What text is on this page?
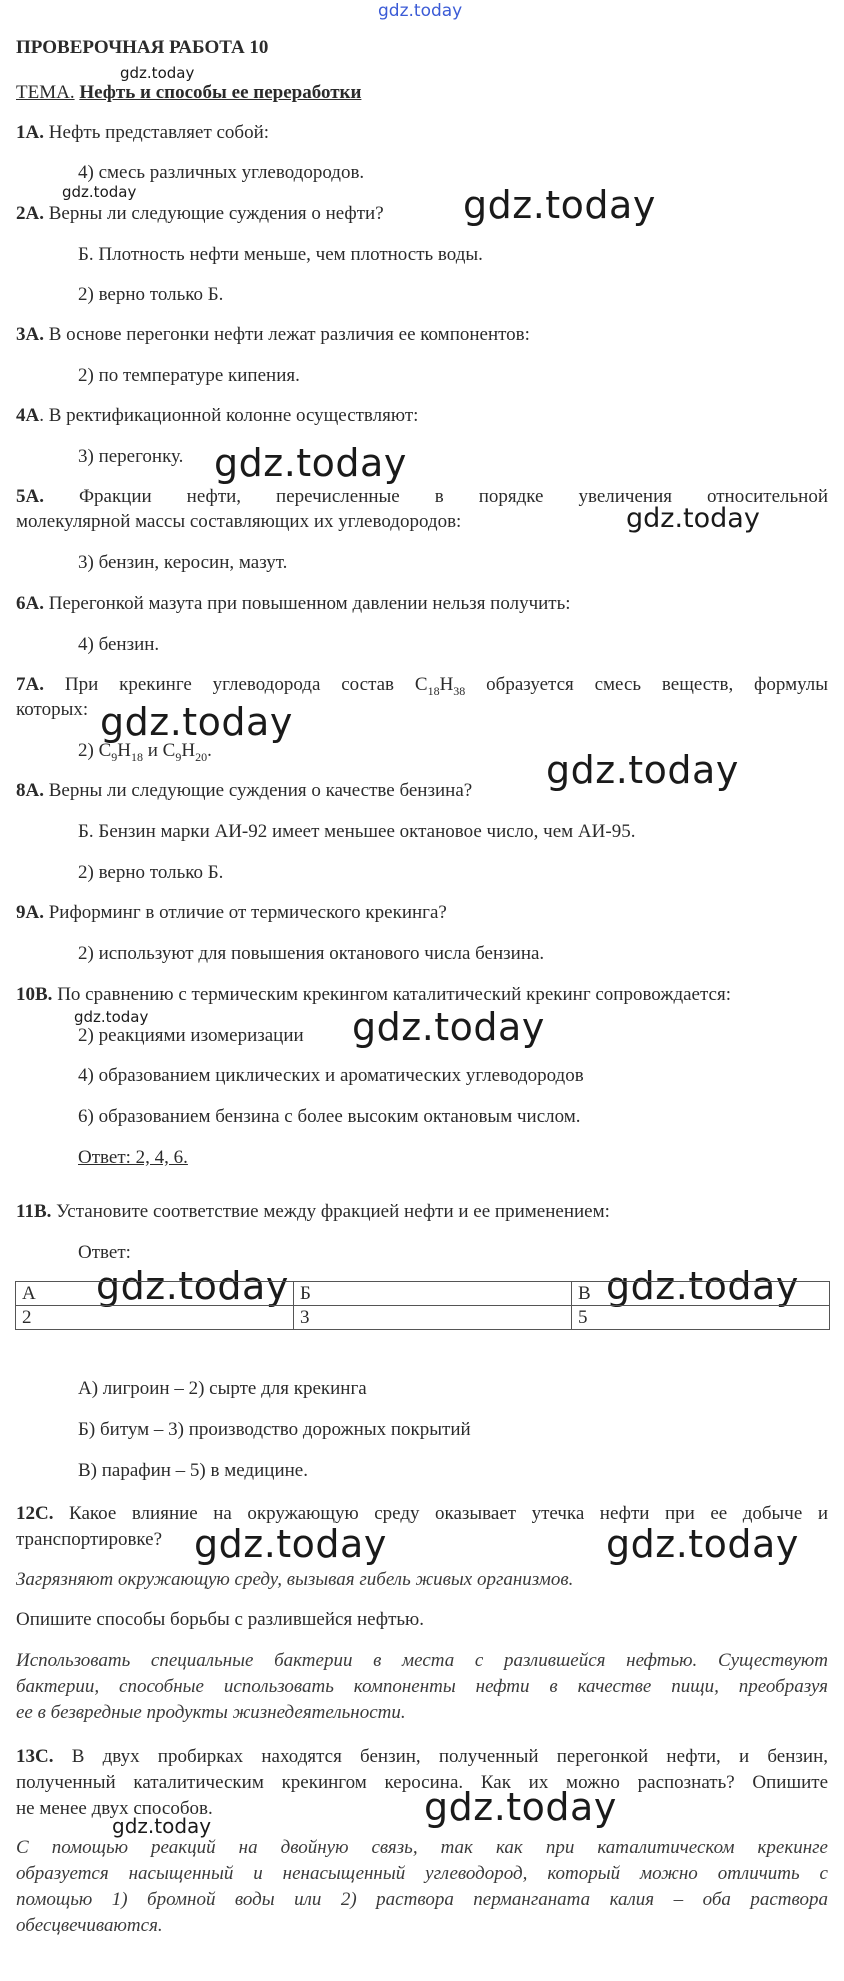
gdz.today
gdz.today
gdz.today	gdz.today
gdz.today
gdz.today
gdz.today
gdz.today
gdz.today	gdz.today
gdz.today	gdz.today
gdz.today	gdz.today
gdz.today
gdz.today
ПРОВЕРОЧНАЯ РАБОТА 10
ТЕМА. Нефть и способы ее переработки
1А. Нефть представляет собой:
4) смесь различных углеводородов.
2А. Верны ли следующие суждения о нефти?
Б. Плотность нефти меньше, чем плотность воды.
2) верно только Б.
3А. В основе перегонки нефти лежат различия ее компонентов:
2) по температуре кипения.
4А. В ректификационной колонне осуществляют:
3) перегонку.
5А. Фракции нефти, перечисленные в порядке увеличения относительной
молекулярной массы составляющих их углеводородов:
3) бензин, керосин, мазут.
6А. Перегонкой мазута при повышенном давлении нельзя получить:
4) бензин.
7А. При крекинге углеводорода состав $C_{18}H_{38}$ образуется смесь веществ, формулы
которых:
2) $C_9H_{18}$ и $C_9H_{20}$.
8А. Верны ли следующие суждения о качестве бензина?
Б. Бензин марки АИ-92 имеет меньшее октановое число, чем АИ-95.
2) верно только Б.
9А. Риформинг в отличие от термического крекинга?
2) используют для повышения октанового числа бензина.
10В. По сравнению с термическим крекингом каталитический крекинг сопровождается:
2) реакциями изомеризации
4) образованием циклических и ароматических углеводородов
6) образованием бензина с более высоким октановым числом.
Ответ: 2, 4, 6.
11В. Установите соответствие между фракцией нефти и ее применением:
Ответ:
А	Б	В
2	3	5
А) лигроин – 2) сырте для крекинга
Б) битум – 3) производство дорожных покрытий
В) парафин – 5) в медицине.
12С. Какое влияние на окружающую среду оказывает утечка нефти при ее добыче и
транспортировке?
Загрязняют окружающую среду, вызывая гибель живых организмов.
Опишите способы борьбы с разлившейся нефтью.
Использовать специальные бактерии в места с разлившейся нефтью. Существуют
бактерии, способные использовать компоненты нефти в качестве пищи, преобразуя
ее в безвредные продукты жизнедеятельности.
13С. В двух пробирках находятся бензин, полученный перегонкой нефти, и бензин,
полученный каталитическим крекингом керосина. Как их можно распознать? Опишите
не менее двух способов.
С помощью реакций на двойную связь, так как при каталитическом крекинге
образуется насыщенный и ненасыщенный углеводород, который можно отличить с
помощью 1) бромной воды или 2) раствора перманганата калия – оба раствора
обесцвечиваются.
